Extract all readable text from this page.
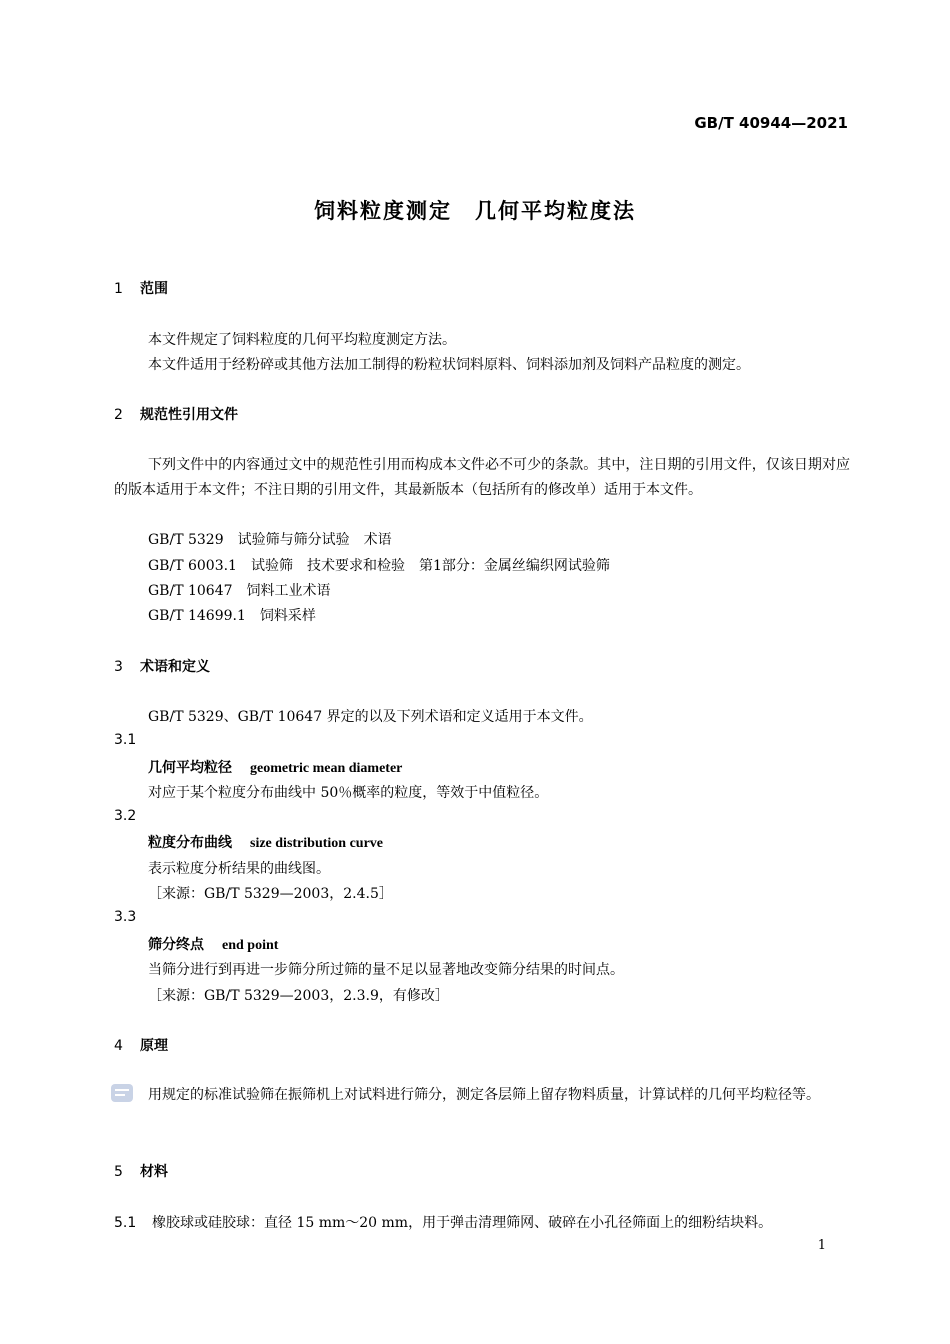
GB/T 40944—2021
饲料粒度测定　几何平均粒度法
1 范围
本文件规定了饲料粒度的几何平均粒度测定方法。
本文件适用于经粉碎或其他方法加工制得的粉粒状饲料原料、饲料添加剂及饲料产品粒度的测定。
2 规范性引用文件
下列文件中的内容通过文中的规范性引用而构成本文件必不可少的条款。其中，注日期的引用文件，仅该日期对应的版本适用于本文件；不注日期的引用文件，其最新版本（包括所有的修改单）适用于本文件。
GB/T 5329 试验筛与筛分试验　术语
GB/T 6003.1 试验筛　技术要求和检验　第1部分：金属丝编织网试验筛
GB/T 10647 饲料工业术语
GB/T 14699.1 饲料采样
3 术语和定义
GB/T 5329、GB/T 10647 界定的以及下列术语和定义适用于本文件。
3.1
几何平均粒径 geometric mean diameter
对应于某个粒度分布曲线中 50％概率的粒度，等效于中值粒径。
3.2
粒度分布曲线 size distribution curve
表示粒度分析结果的曲线图。
［来源：GB/T 5329—2003，2.4.5］
3.3
筛分终点 end point
当筛分进行到再进一步筛分所过筛的量不足以显著地改变筛分结果的时间点。
［来源：GB/T 5329—2003，2.3.9，有修改］
4 原理
用规定的标准试验筛在振筛机上对试料进行筛分，测定各层筛上留存物料质量，计算试样的几何平均粒径等。
5 材料
5.1 橡胶球或硅胶球：直径 15 mm～20 mm，用于弹击清理筛网、破碎在小孔径筛面上的细粉结块料。
1
